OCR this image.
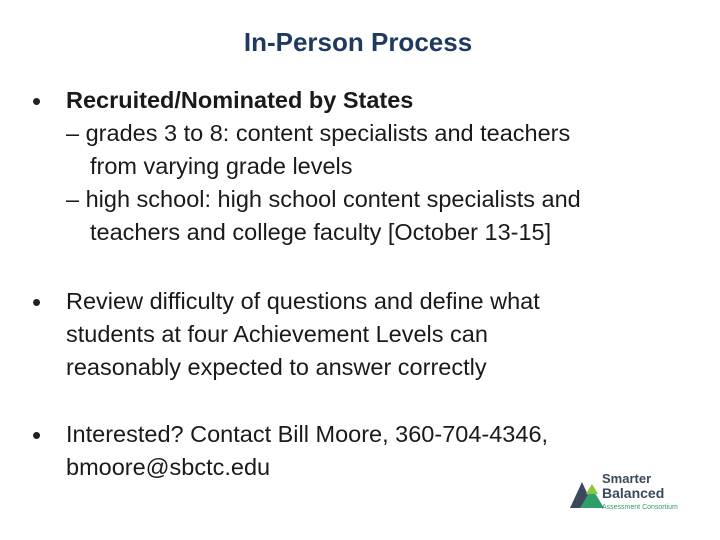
In-Person Process
• Recruited/Nominated by States
– grades 3 to 8: content specialists and teachers
from varying grade levels
– high school: high school content specialists and
teachers and college faculty [October 13-15]
• Review difficulty of questions and define what
students at four Achievement Levels can
reasonably expected to answer correctly
• Interested? Contact Bill Moore, 360-704-4346,
bmoore@sbctc.edu	Smarter
Balanced
Assessment Consortium
